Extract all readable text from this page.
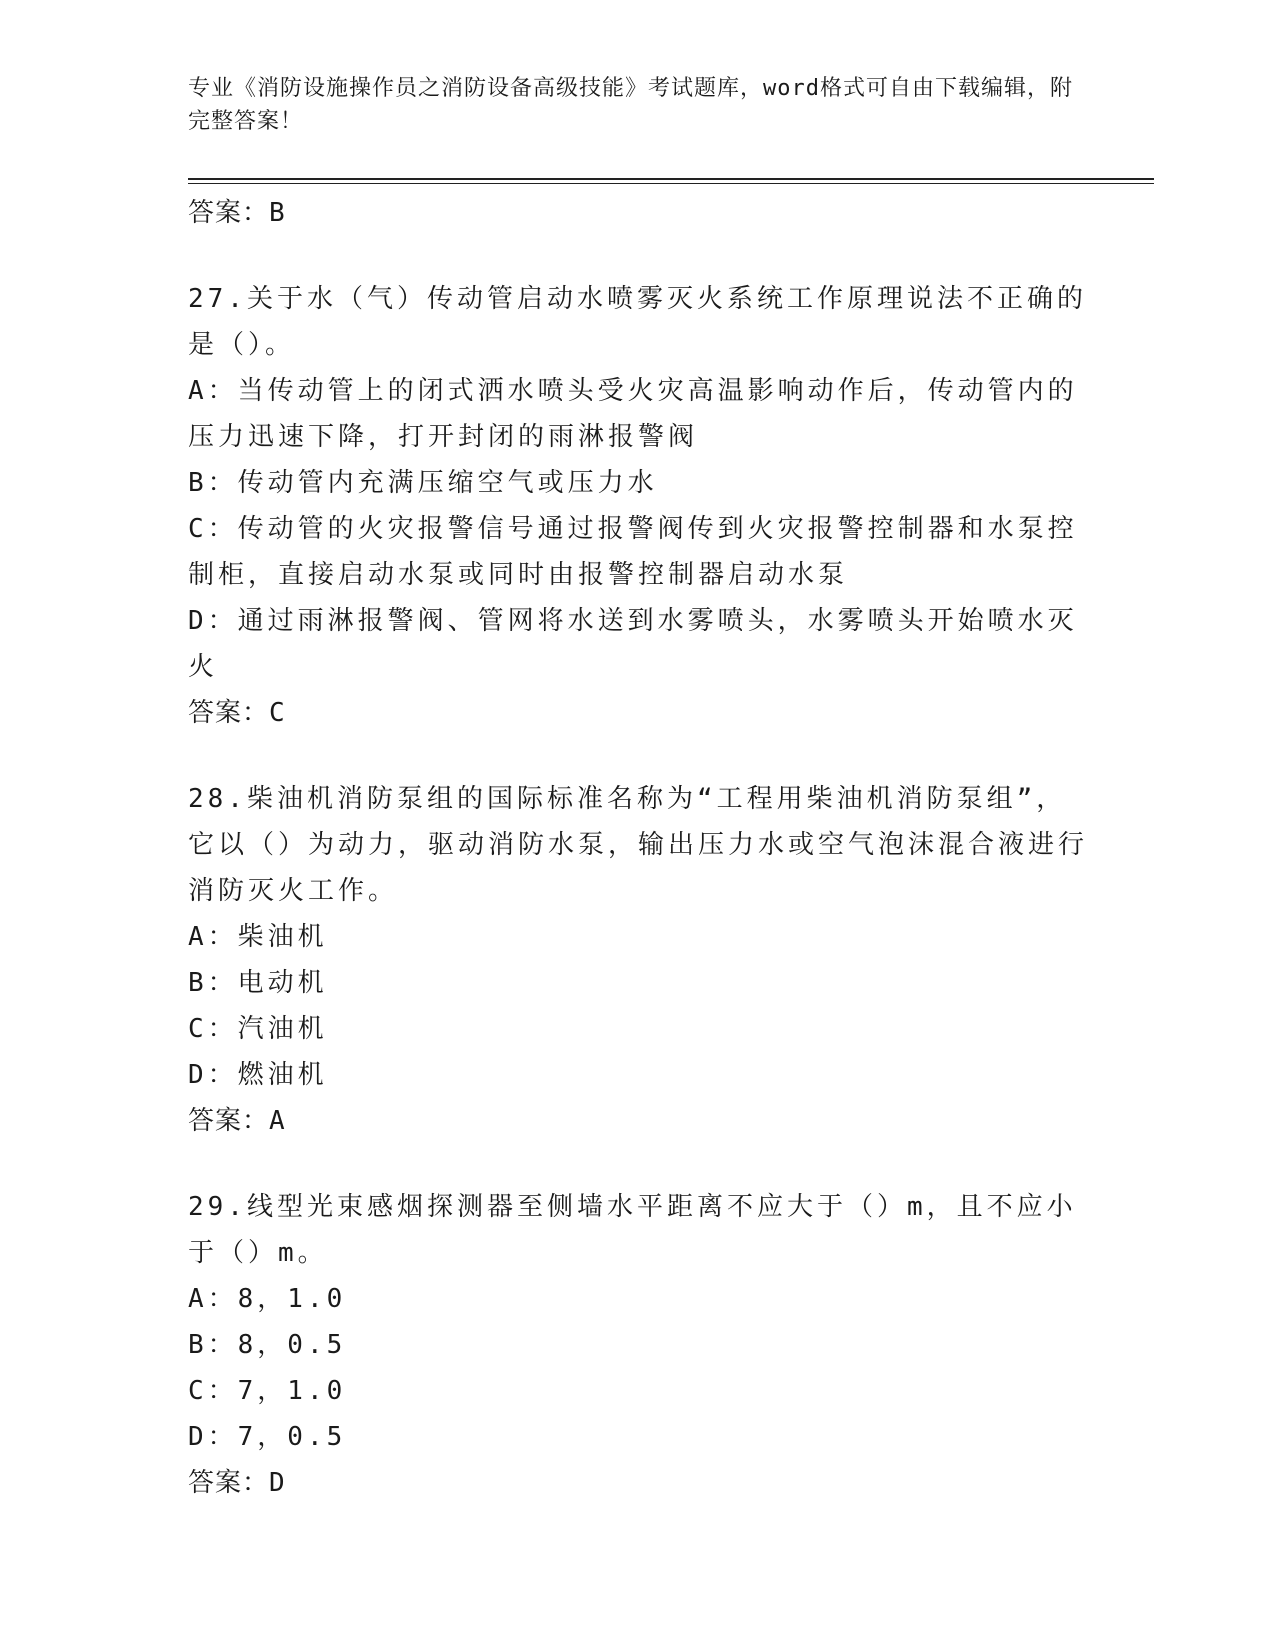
专业《消防设施操作员之消防设备高级技能》考试题库，word格式可自由下载编辑，附完整答案！

答案：B

27.关于水（气）传动管启动水喷雾灭火系统工作原理说法不正确的是（）。

A：当传动管上的闭式洒水喷头受火灾高温影响动作后，传动管内的压力迅速下降，打开封闭的雨淋报警阀

B：传动管内充满压缩空气或压力水

C：传动管的火灾报警信号通过报警阀传到火灾报警控制器和水泵控制柜，直接启动水泵或同时由报警控制器启动水泵

D：通过雨淋报警阀、管网将水送到水雾喷头，水雾喷头开始喷水灭火

答案：C

28.柴油机消防泵组的国际标准名称为“工程用柴油机消防泵组”，它以（）为动力，驱动消防水泵，输出压力水或空气泡沫混合液进行消防灭火工作。

A：柴油机

B：电动机

C：汽油机

D：燃油机

答案：A

29.线型光束感烟探测器至侧墙水平距离不应大于（）m，且不应小于（）m。

A：8，1.0

B：8，0.5

C：7，1.0

D：7，0.5

答案：D
